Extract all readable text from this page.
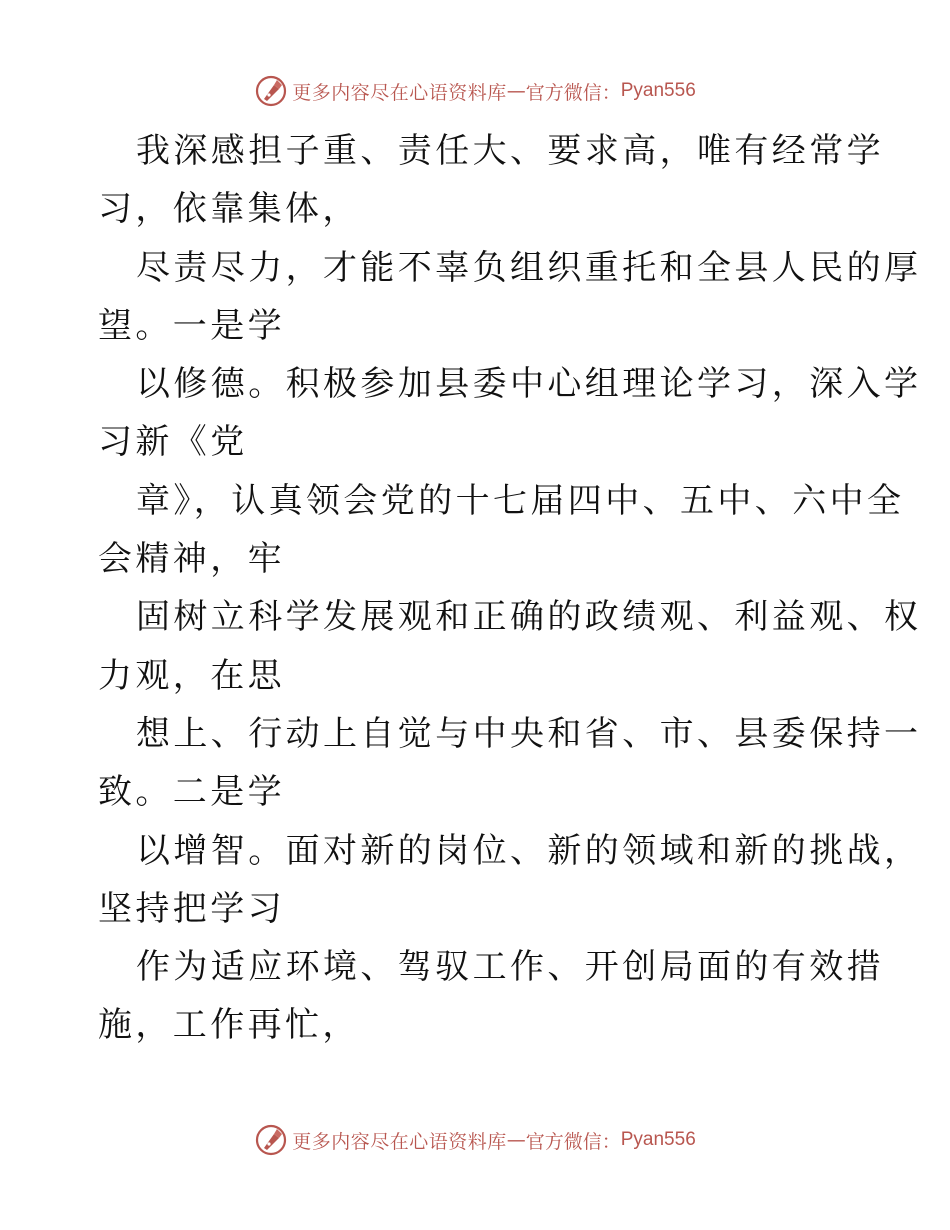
更多内容尽在心语资料库 — 官方微信： Pyan556
我深感担子重、责任大、要求高，唯有经常学
习，依靠集体，
尽责尽力，才能不辜负组织重托和全县人民的厚
望。一是学
以修德。积极参加县委中心组理论学习，深入学
习新《党
章》，认真领会党的十七届四中、五中、六中全
会精神，牢
固树立科学发展观和正确的政绩观、利益观、权
力观，在思
想上、行动上自觉与中央和省、市、县委保持一
致。二是学
以增智。面对新的岗位、新的领域和新的挑战，
坚持把学习
作为适应环境、驾驭工作、开创局面的有效措
施，工作再忙，
更多内容尽在心语资料库 — 官方微信： Pyan556
